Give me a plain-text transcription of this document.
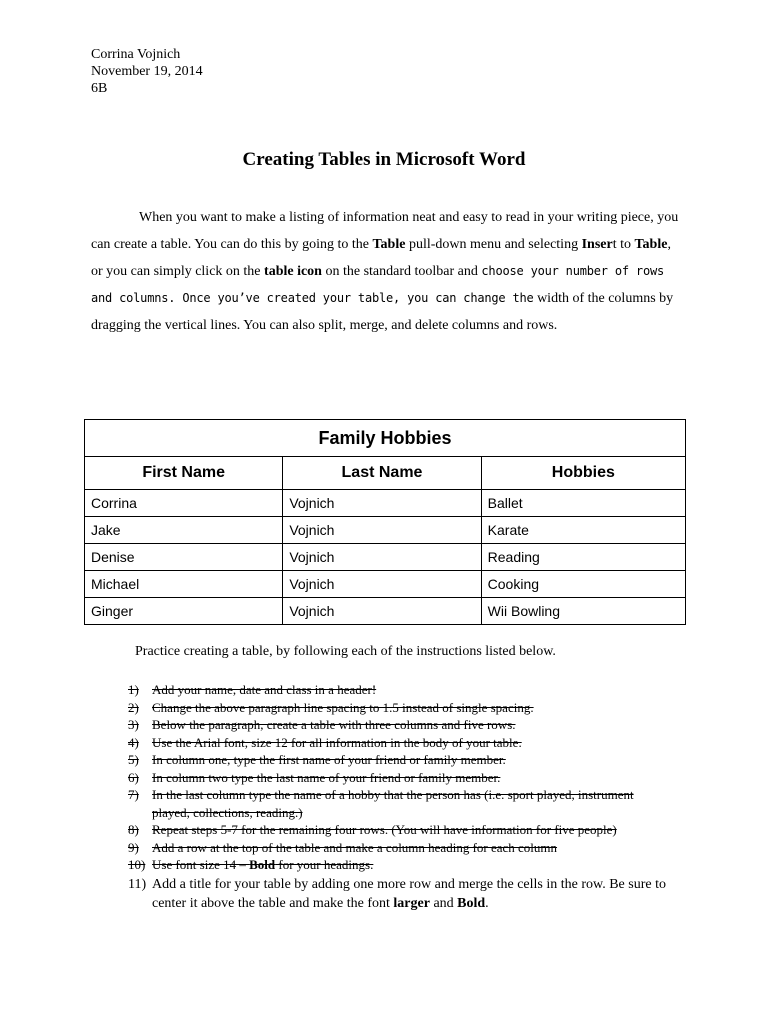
Corrina Vojnich
November 19, 2014
6B
Creating Tables in Microsoft Word
When you want to make a listing of information neat and easy to read in your writing piece, you can create a table. You can do this by going to the Table pull-down menu and selecting Insert to Table, or you can simply click on the table icon on the standard toolbar and choose your number of rows and columns. Once you’ve created your table, you can change the width of the columns by dragging the vertical lines. You can also split, merge, and delete columns and rows.
Family Hobbies		
First Name	Last Name	Hobbies
Corrina	Vojnich	Ballet
Jake	Vojnich	Karate
Denise	Vojnich	Reading
Michael	Vojnich	Cooking
Ginger	Vojnich	Wii Bowling
Practice creating a table, by following each of the instructions listed below.
1)	Add your name, date and class in a header!
2)	Change the above paragraph line spacing to 1.5 instead of single spacing.
3)	Below the paragraph, create a table with three columns and five rows.
4)	Use the Arial font, size 12 for all information in the body of your table.
5)	In column one, type the first name of your friend or family member.
6)	In column two type the last name of your friend or family member.
7)	In the last column type the name of a hobby that the person has (i.e. sport played, instrument played, collections, reading.)
8)	Repeat steps 5-7 for the remaining four rows. (You will have information for five people)
9)	Add a row at the top of the table and make a column heading for each column
10) Use font size 14 – Bold for your headings.
11) Add a title for your table by adding one more row and merge the cells in the row. Be sure to center it above the table and make the font larger and Bold.
